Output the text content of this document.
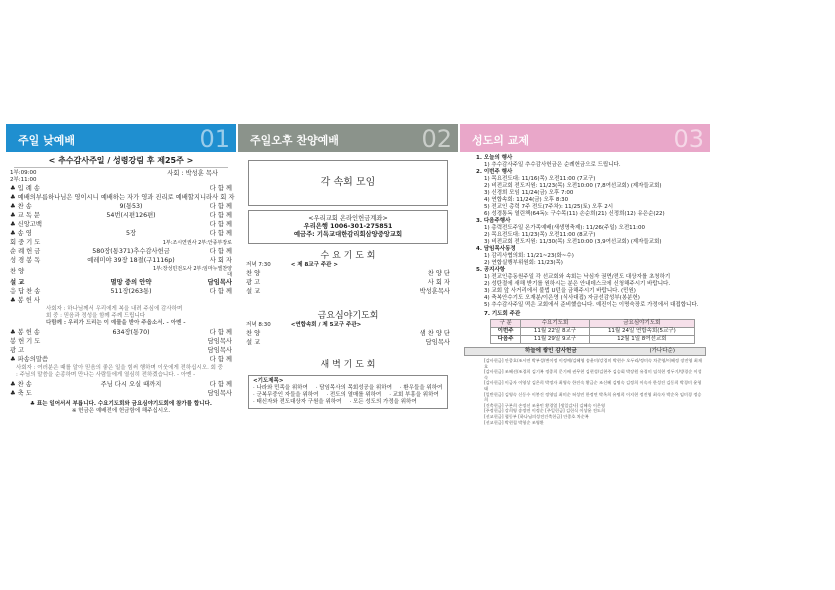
주일 낮예배	01
< 추수감사주일 / 성령강림 후 제25주 >
1부:09:00
2부:11:00
사회 : 박성훈 목사
♣ 입 례 송	다 함 께
♣ 예배의부름 하나님은 영이시니 예배하는 자가 영과 진리로 예배할지니라 사 회 자
♣ 찬 송	9(통53)	다 함 께
♣ 교 독 문	54번(시편126편)	다 함 께
♣ 신앙고백	다 함 께
♣ 송 영	5장	다 함 께
회 중 기 도	1부:조시연권사 2부:안종부장로
순 례 헌 금	580장(통371)추수감사헌금	다 함 께
성 경 봉 독	예레미야 39장 18절(구1116p)	사 회 자
찬 양	1부:장성민전도사 2부:임마누엘찬양대
설 교	멸망 중의 안약	담임목사
응 답 찬 송	511장(263통)	다 함 께
♣ 봉 헌 사
사회자 : 하나님께서 우리에게 복을 내려 주심에 감사하며
회 중 : 믿음과 정성을 함께 주께 드립니다
다함께 : 우리가 드리는 이 예물을 받아 주옵소서. - 아멘 -
♣ 봉 헌 송	634장(통70)	다 함 께
봉 헌 기 도	담임목사
광 고	담임목사
♣ 파송의말씀	다 함 께
사회자 : 여러분은 때를 알아 믿음의 좋은 일을 힘써 행하며 이웃에게 전하십시오. 회 중 : 주님의 말씀을 순종하며 만나는 사람들에게 열심히 전하겠습니다. - 아멘 -
♣ 찬 송	주님 다시 오실 때까지	다 함 께
♣ 축 도	담임목사
♣ 표는 일어서서 부릅니다. 수요기도회와 금요심야기도회에 참가를 합니다.
※ 헌금은 예배전에 헌금함에 해주십시오.
주일오후 찬양예배	02
각 속회 모임
<우리교회 온라인헌금계좌>
우리은행 1006-301-275851
예금주: 기독교대한감리회삼양중앙교회
수 요 기 도 회
저녁 7:30	< 제 8교구 주관 >
찬 양	찬 양 단
광 고	사 회 자
설 교	박성훈목사
금요심야기도회
저녁 8:30	<연합속회 / 제 5교구 주관>
찬 양	샘 찬 양 단
설 교	담임목사
새 벽 기 도 회
<기도제목>
· 나라와 민족을 위하여 · 담임목사의 목회성공을 위하여 · 환우들을 위하여
· 군복무중인 자들을 위하여 · 전도의 열매를 위하여 · 교회 부흥을 위하여
· 태신자와 전도대상자 구원을 위하여 · 모든 성도의 가정을 위하여
성도의 교제	03
1. 오늘의 행사
1) 추수감사주일 추수감사헌금은 순례헌금으로 드립니다.
2. 이번주 행사
1) 목요전도대: 11/16(목) 오전11:00 (7교구)
2) 비전교회 전도지원: 11/23(목) 오전10:00 (7,8여선교회) (제자들교회)
3) 신경희 모임 11/24(금) 오후 7:00
4) 연합속회: 11/24(금) 오후 8:30
5) 전교인 총력 7주 전도(7주차): 11/25(토) 오후 2시
6) 성경통독 열린책(64독): 구수목(11) 손순희(21) 신정희(12) 유은순(22)
3. 다음주행사
1) 총력전도주일 온가족예배(새생명축제): 11/26(주일) 오전11:00
2) 목요전도대: 11/23(목) 오전11:00 (8교구)
3) 비전교회 전도지원: 11/30(목) 오전10:00 (3,9여선교회) (제자들교회)
4. 담임목사동정
1) 감리사협의회: 11/21~23(화~수)
2) 연합실행부위원회: 11/23(목)
5. 공지사항
1) 전교인총동원주일 각 선교회와 속회는 낙심자 권면/전도 대상자를 초청하기
2) 성탄절에 새해 받기를 원하시는 분은 안내데스크에 신청해주시기 바랍니다.
3) 교회 앞 사거리에서 불법 U턴을 금해주시기 바랍니다. (민원)
4) 축복안수기도 오재분/이은영 (식사대접) 자금선감성부(봉분헌)
5) 추수감사주일 떡은 교회에서 준비했습니다. 예진이는 이명숙장로 가정에서 대접합니다.
7. 기도회 주관
구 분	수요기도회	금요심야기도회
이번주	11월 22일 8교구	11월 24일 연합속회(5교구)
다음주	11월 29일 9교구	12월 1일 8여선교회
하늘에 쌓인 감사헌금	(가나다순)
[감사헌금] 안종호/조시연 박부성/변이정 이정예/김혜영 송윤미/강경미 박현수 오두리/정미숙 차준영/이혜정 장진영 최재호
[감사헌금] 조혜선/조경희 김기복 정종희 문기배 권무현 김현성/김현주 김승회 박장원 유경미 임석현 정두기/방경순 이성숙
[감사헌금] 이금자 이영상 김은희 박정자 최영숙 한진숙 황금순 조신혜 김명숙 김정희 이숙자 한성진 김동희 박경미 윤형태
[일반헌금] 김영숙 신동수 이봉건 정영임 최미순 허성민 한정연 박옥희 유명희 이지현 정진영 최숙자 박순옥 임미경 정승희
[건축헌금] 구본희 손정선 조용민 황경열 [생일감사] 김혜숙 이은영
[주정헌금] 강희영 송정연 이정순 [주일헌금] 김헌식 이상윤 전도희
[선교헌금] 협동부 [하나님의성전건축헌금] 안종호 차순복
[선교헌금] 박현철 박형순 조영환
